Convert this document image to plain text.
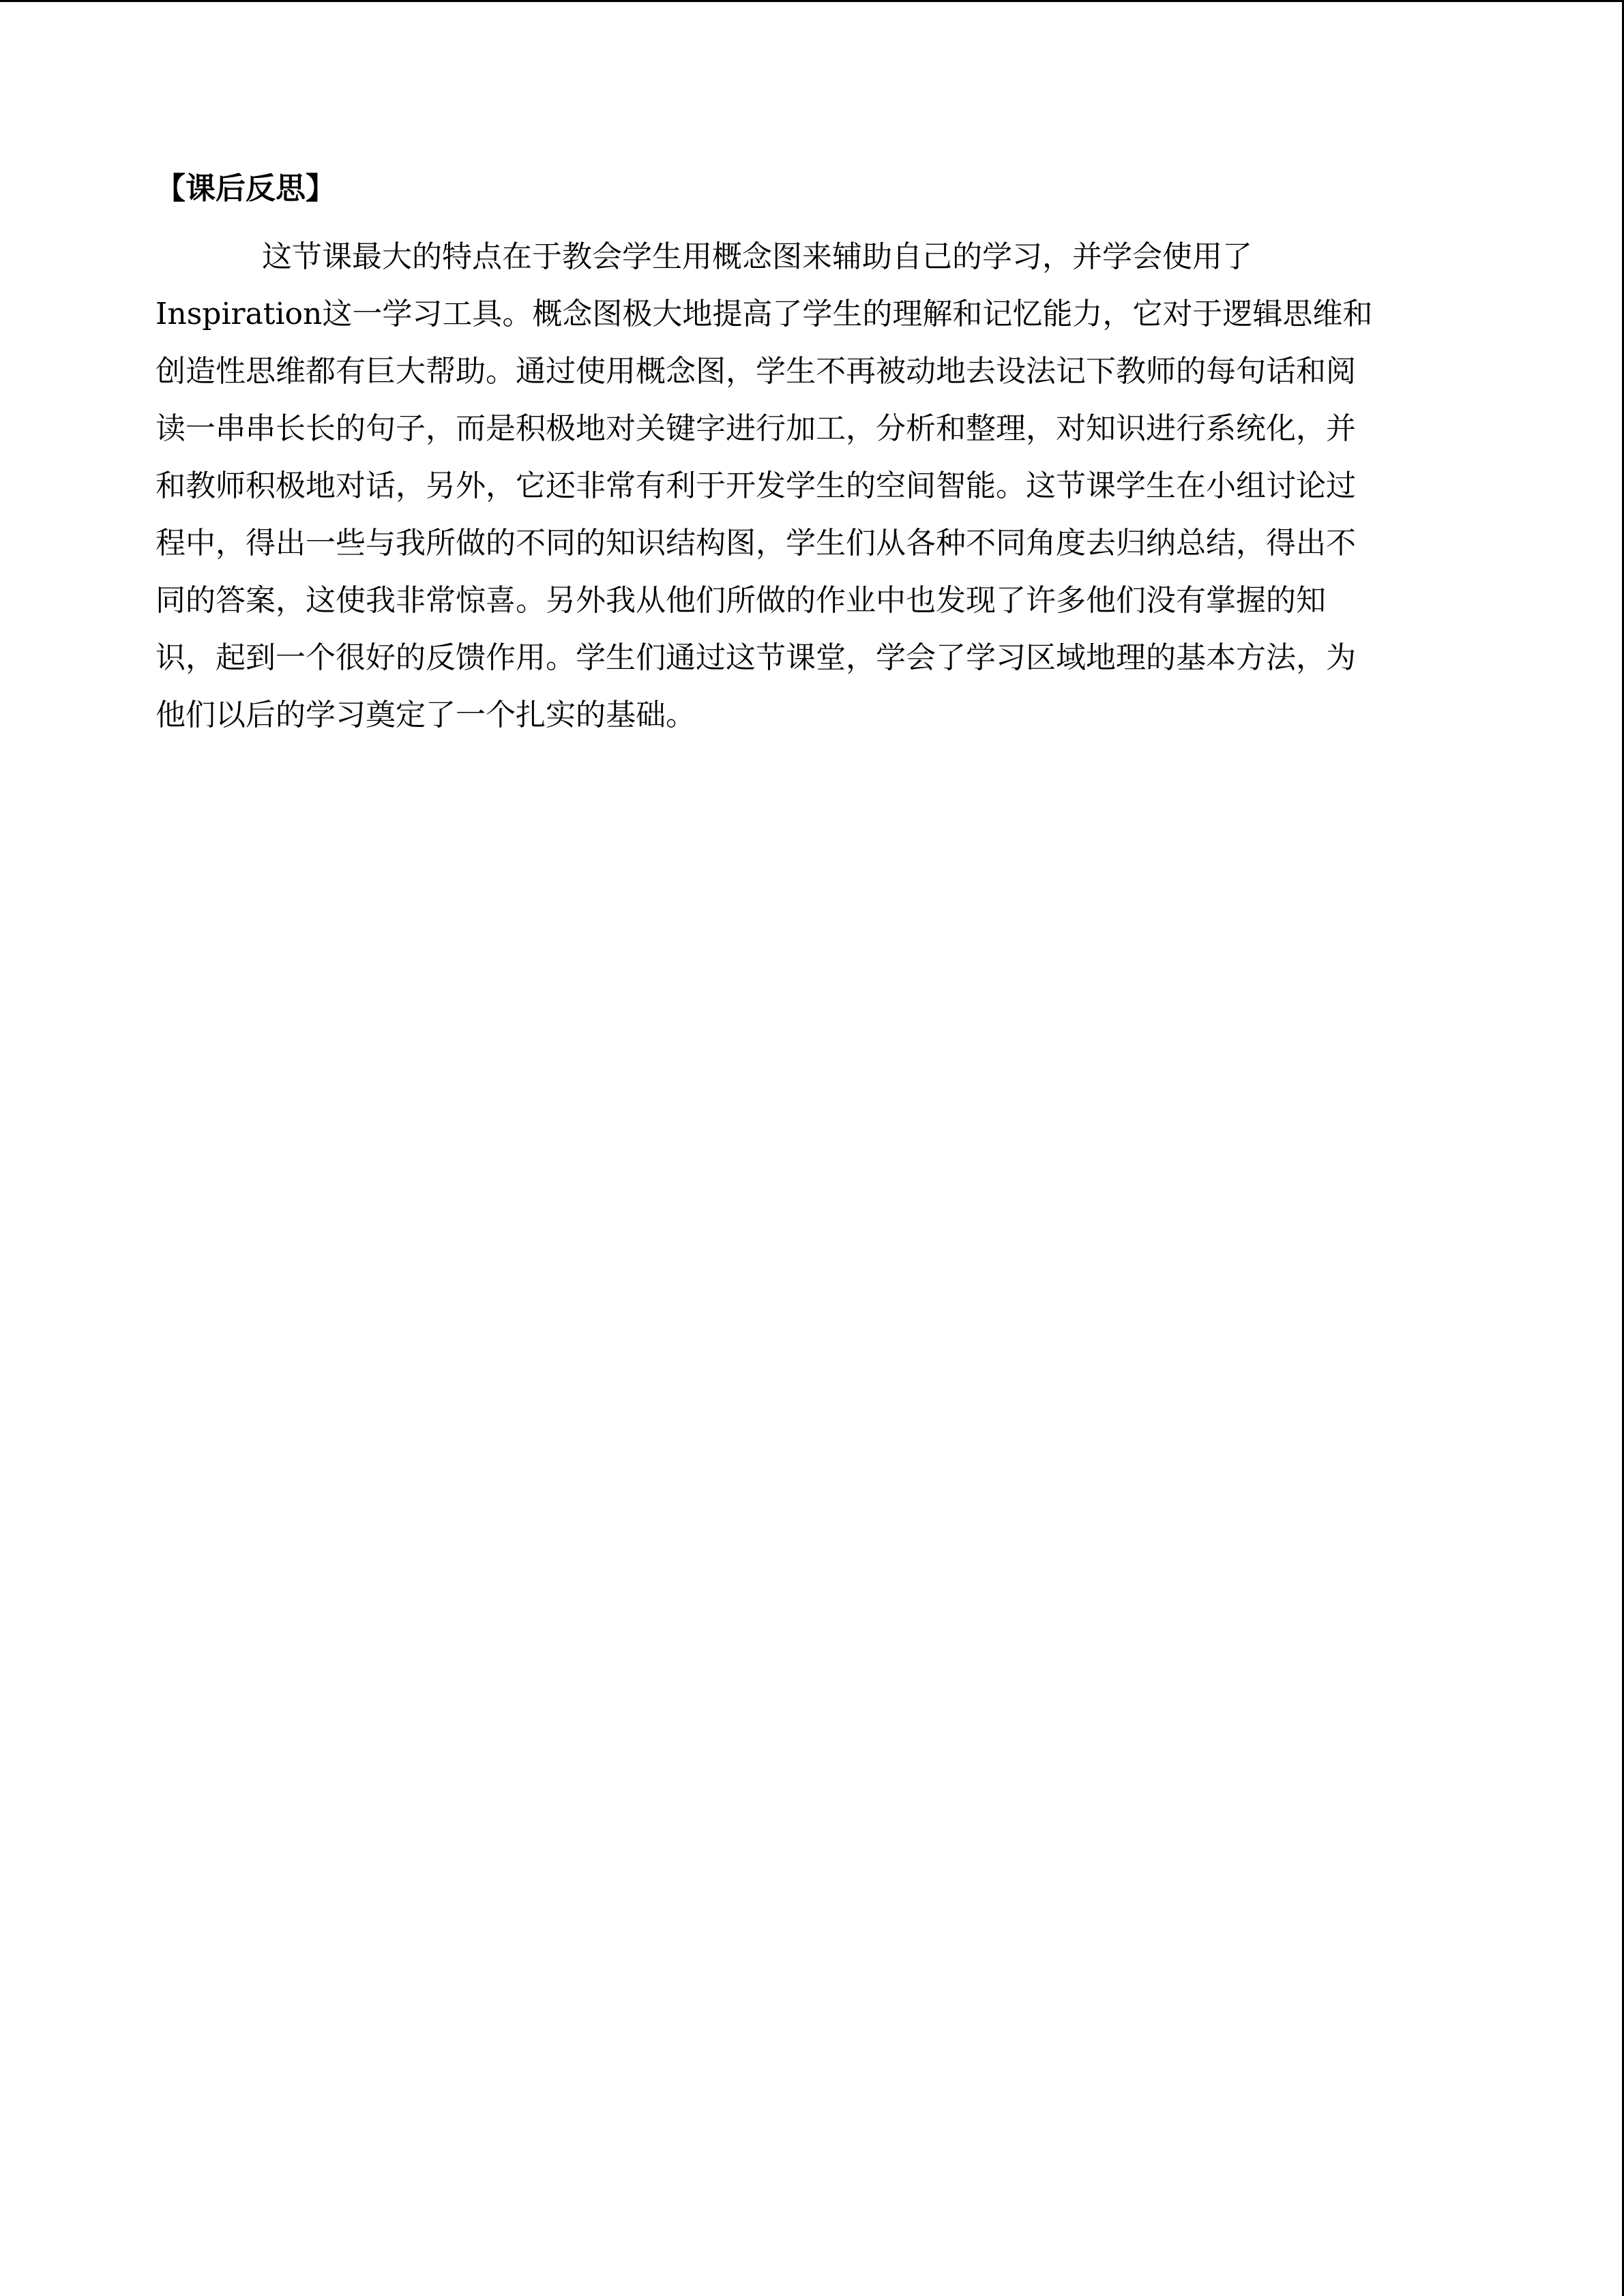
【课后反思】
这节课最大的特点在于教会学生用概念图来辅助自己的学习，并学会使用了
Inspiration这一学习工具。概念图极大地提高了学生的理解和记忆能力，它对于逻辑思维和
创造性思维都有巨大帮助。通过使用概念图，学生不再被动地去设法记下教师的每句话和阅
读一串串长长的句子，而是积极地对关键字进行加工，分析和整理，对知识进行系统化，并
和教师积极地对话，另外，它还非常有利于开发学生的空间智能。这节课学生在小组讨论过
程中，得出一些与我所做的不同的知识结构图，学生们从各种不同角度去归纳总结，得出不
同的答案，这使我非常惊喜。另外我从他们所做的作业中也发现了许多他们没有掌握的知
识，起到一个很好的反馈作用。学生们通过这节课堂，学会了学习区域地理的基本方法，为
他们以后的学习奠定了一个扎实的基础。
